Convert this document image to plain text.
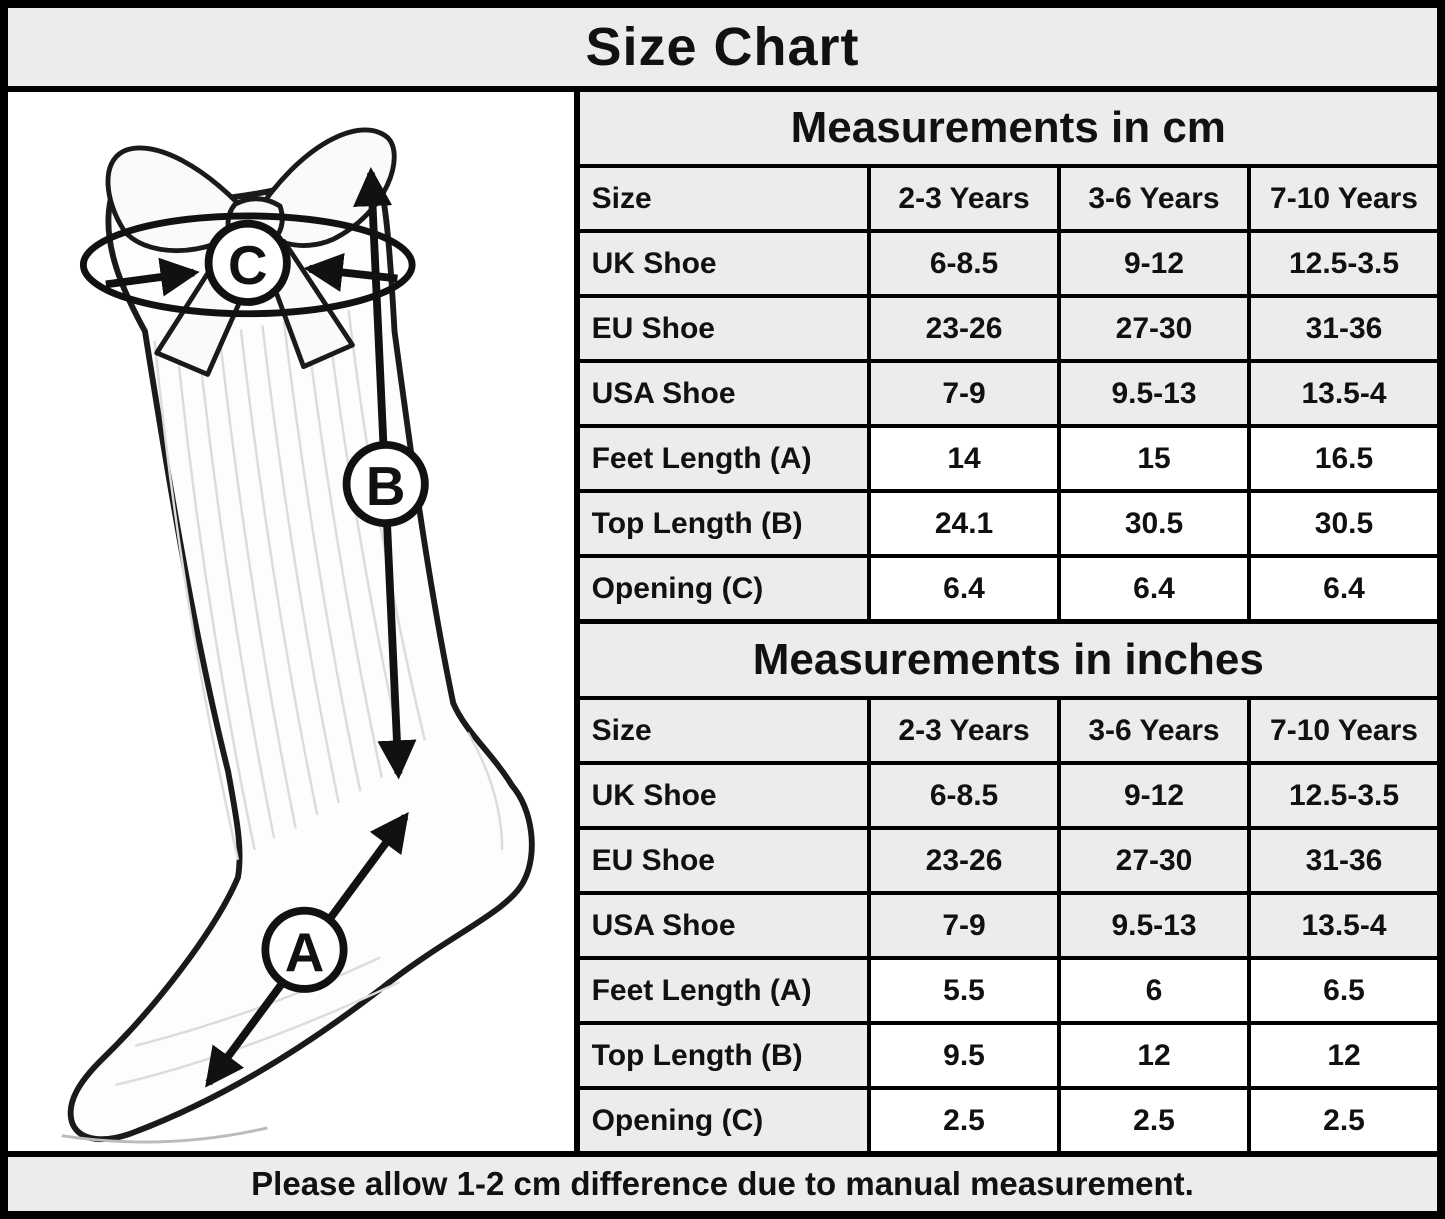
Size Chart
C
B
A
Measurements in cm
Size	2-3 Years	3-6 Years	7-10 Years
UK Shoe	6-8.5	9-12	12.5-3.5
EU Shoe	23-26	27-30	31-36
USA Shoe	7-9	9.5-13	13.5-4
Feet Length (A)	14	15	16.5
Top Length (B)	24.1	30.5	30.5
Opening (C)	6.4	6.4	6.4
Measurements in inches
Size	2-3 Years	3-6 Years	7-10 Years
UK Shoe	6-8.5	9-12	12.5-3.5
EU Shoe	23-26	27-30	31-36
USA Shoe	7-9	9.5-13	13.5-4
Feet Length (A)	5.5	6	6.5
Top Length (B)	9.5	12	12
Opening (C)	2.5	2.5	2.5
Please allow 1-2 cm difference due to manual measurement.
